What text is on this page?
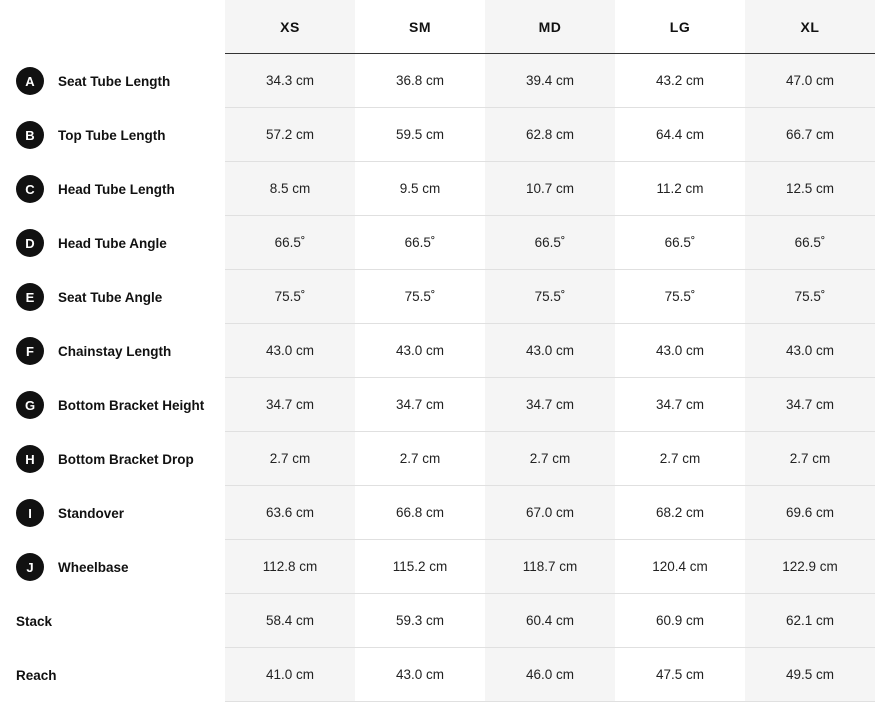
XS	SM	MD	LG	XL
A	Seat Tube Length	34.3 cm	36.8 cm	39.4 cm	43.2 cm	47.0 cm
B	Top Tube Length	57.2 cm	59.5 cm	62.8 cm	64.4 cm	66.7 cm
C	Head Tube Length	8.5 cm	9.5 cm	10.7 cm	11.2 cm	12.5 cm
D	Head Tube Angle	66.5˚	66.5˚	66.5˚	66.5˚	66.5˚
E	Seat Tube Angle	75.5˚	75.5˚	75.5˚	75.5˚	75.5˚
F	Chainstay Length	43.0 cm	43.0 cm	43.0 cm	43.0 cm	43.0 cm
G	Bottom Bracket Height	34.7 cm	34.7 cm	34.7 cm	34.7 cm	34.7 cm
H	Bottom Bracket Drop	2.7 cm	2.7 cm	2.7 cm	2.7 cm	2.7 cm
I	Standover	63.6 cm	66.8 cm	67.0 cm	68.2 cm	69.6 cm
J	Wheelbase	112.8 cm	115.2 cm	118.7 cm	120.4 cm	122.9 cm
Stack	58.4 cm	59.3 cm	60.4 cm	60.9 cm	62.1 cm
Reach	41.0 cm	43.0 cm	46.0 cm	47.5 cm	49.5 cm
